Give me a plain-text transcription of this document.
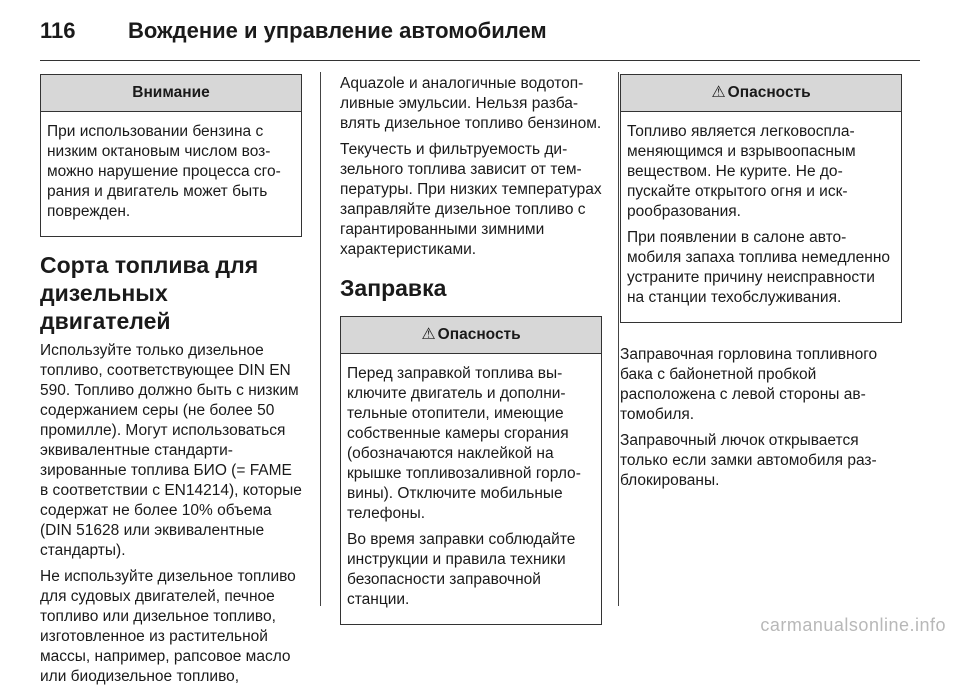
116 Вождение и управление автомобилем
Внимание

При использовании бензина с низким октановым числом возможно нарушение процесса сгорания и двигатель может быть поврежден.

Сорта топлива для дизельных двигателей

Используйте только дизельное топливо, соответствующее DIN EN 590. Топливо должно быть с низким содержанием серы (не более 50 промилле). Могут использоваться эквивалентные стандартизированные топлива БИО (= FAME в соответствии с EN14214), которые содержат не более 10% объема (DIN 51628 или эквивалентные стандарты).

Не используйте дизельное топливо для судовых двигателей, печное топливо или дизельное топливо, изготовленное из растительной массы, например, рапсовое масло или биодизельное топливо,

Aquazole и аналогичные водотопливные эмульсии. Нельзя разбавлять дизельное топливо бензином.

Текучесть и фильтруемость дизельного топлива зависит от температуры. При низких температурах заправляйте дизельное топливо с гарантированными зимними характеристиками.

Заправка
⚠ Опасность

Перед заправкой топлива выключите двигатель и дополнительные отопители, имеющие собственные камеры сгорания (обозначаются наклейкой на крышке топливозаливной горловины). Отключите мобильные телефоны.

Во время заправки соблюдайте инструкции и правила техники безопасности заправочной станции.

⚠ Опасность

Топливо является легковоспламеняющимся и взрывоопасным веществом. Не курите. Не допускайте открытого огня и искрообразования.

При появлении в салоне автомобиля запаха топлива немедленно устраните причину неисправности на станции техобслуживания.

Заправочная горловина топливного бака с байонетной пробкой расположена с левой стороны автомобиля.

Заправочный лючок открывается только если замки автомобиля разблокированы.

carmanualsonline.info
